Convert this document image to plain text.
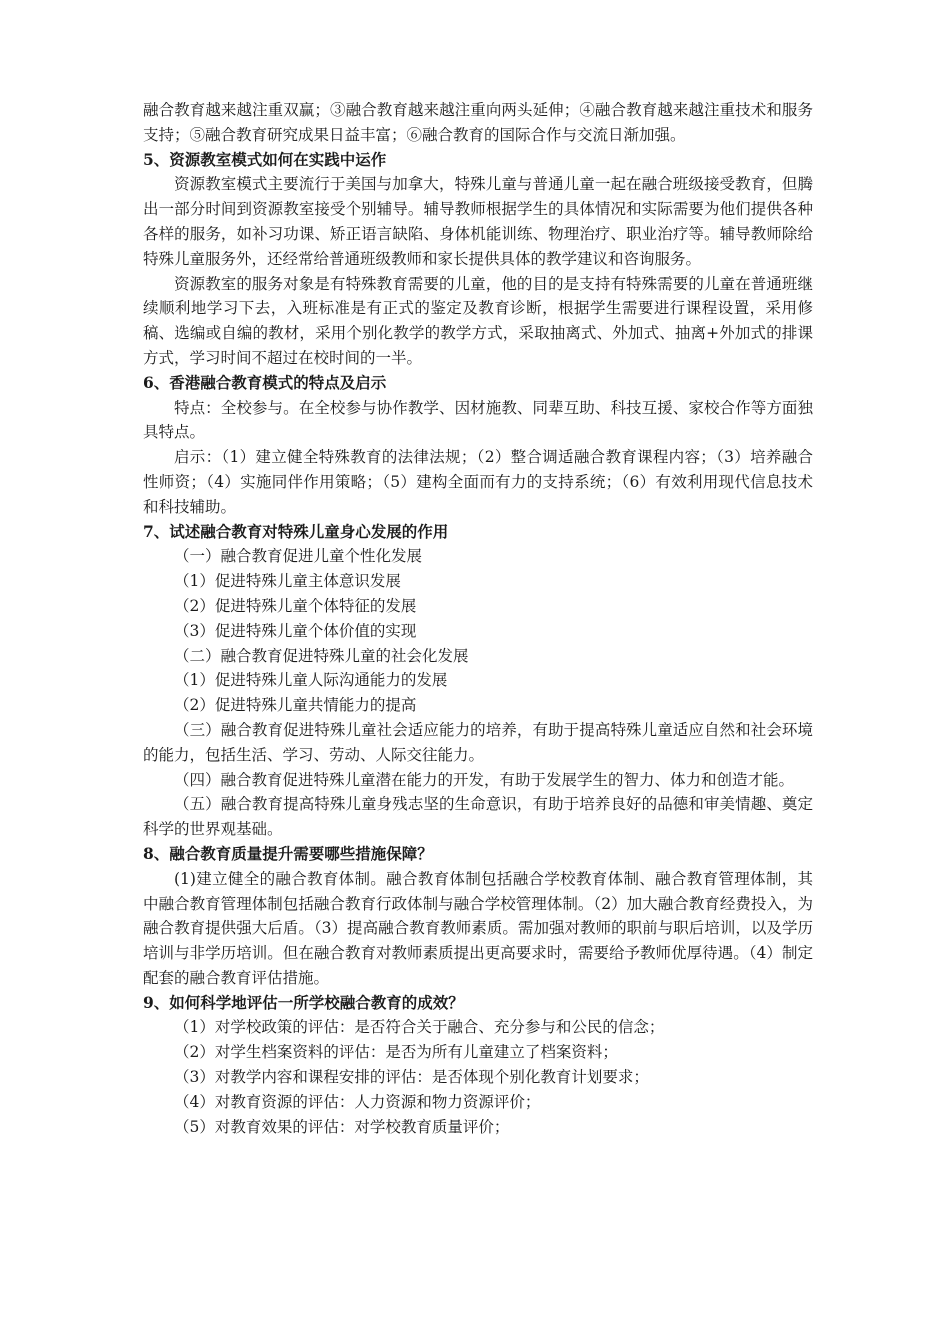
融合教育越来越注重双赢；③融合教育越来越注重向两头延伸；④融合教育越来越注重技术和服务支持；⑤融合教育研究成果日益丰富；⑥融合教育的国际合作与交流日渐加强。

5、资源教室模式如何在实践中运作

资源教室模式主要流行于美国与加拿大，特殊儿童与普通儿童一起在融合班级接受教育，但腾出一部分时间到资源教室接受个别辅导。辅导教师根据学生的具体情况和实际需要为他们提供各种各样的服务，如补习功课、矫正语言缺陷、身体机能训练、物理治疗、职业治疗等。辅导教师除给特殊儿童服务外，还经常给普通班级教师和家长提供具体的教学建议和咨询服务。

资源教室的服务对象是有特殊教育需要的儿童，他的目的是支持有特殊需要的儿童在普通班继续顺利地学习下去，入班标准是有正式的鉴定及教育诊断，根据学生需要进行课程设置，采用修稿、选编或自编的教材，采用个别化教学的教学方式，采取抽离式、外加式、抽离+外加式的排课方式，学习时间不超过在校时间的一半。

6、香港融合教育模式的特点及启示

特点：全校参与。在全校参与协作教学、因材施教、同辈互助、科技互援、家校合作等方面独具特点。

启示：（1）建立健全特殊教育的法律法规；（2）整合调适融合教育课程内容；（3）培养融合性师资；（4）实施同伴作用策略；（5）建构全面而有力的支持系统；（6）有效利用现代信息技术和科技辅助。

7、试述融合教育对特殊儿童身心发展的作用

（一）融合教育促进儿童个性化发展

（1）促进特殊儿童主体意识发展

（2）促进特殊儿童个体特征的发展

（3）促进特殊儿童个体价值的实现

（二）融合教育促进特殊儿童的社会化发展

（1）促进特殊儿童人际沟通能力的发展

（2）促进特殊儿童共情能力的提高

（三）融合教育促进特殊儿童社会适应能力的培养，有助于提高特殊儿童适应自然和社会环境的能力，包括生活、学习、劳动、人际交往能力。

（四）融合教育促进特殊儿童潜在能力的开发，有助于发展学生的智力、体力和创造才能。

（五）融合教育提高特殊儿童身残志坚的生命意识，有助于培养良好的品德和审美情趣、奠定科学的世界观基础。

8、融合教育质量提升需要哪些措施保障？

(1)建立健全的融合教育体制。融合教育体制包括融合学校教育体制、融合教育管理体制，其中融合教育管理体制包括融合教育行政体制与融合学校管理体制。（2）加大融合教育经费投入，为融合教育提供强大后盾。（3）提高融合教育教师素质。需加强对教师的职前与职后培训，以及学历培训与非学历培训。但在融合教育对教师素质提出更高要求时，需要给予教师优厚待遇。（4）制定配套的融合教育评估措施。

9、如何科学地评估一所学校融合教育的成效？

（1）对学校政策的评估：是否符合关于融合、充分参与和公民的信念；

（2）对学生档案资料的评估：是否为所有儿童建立了档案资料；

（3）对教学内容和课程安排的评估：是否体现个别化教育计划要求；

（4）对教育资源的评估：人力资源和物力资源评价；

（5）对教育效果的评估：对学校教育质量评价；
